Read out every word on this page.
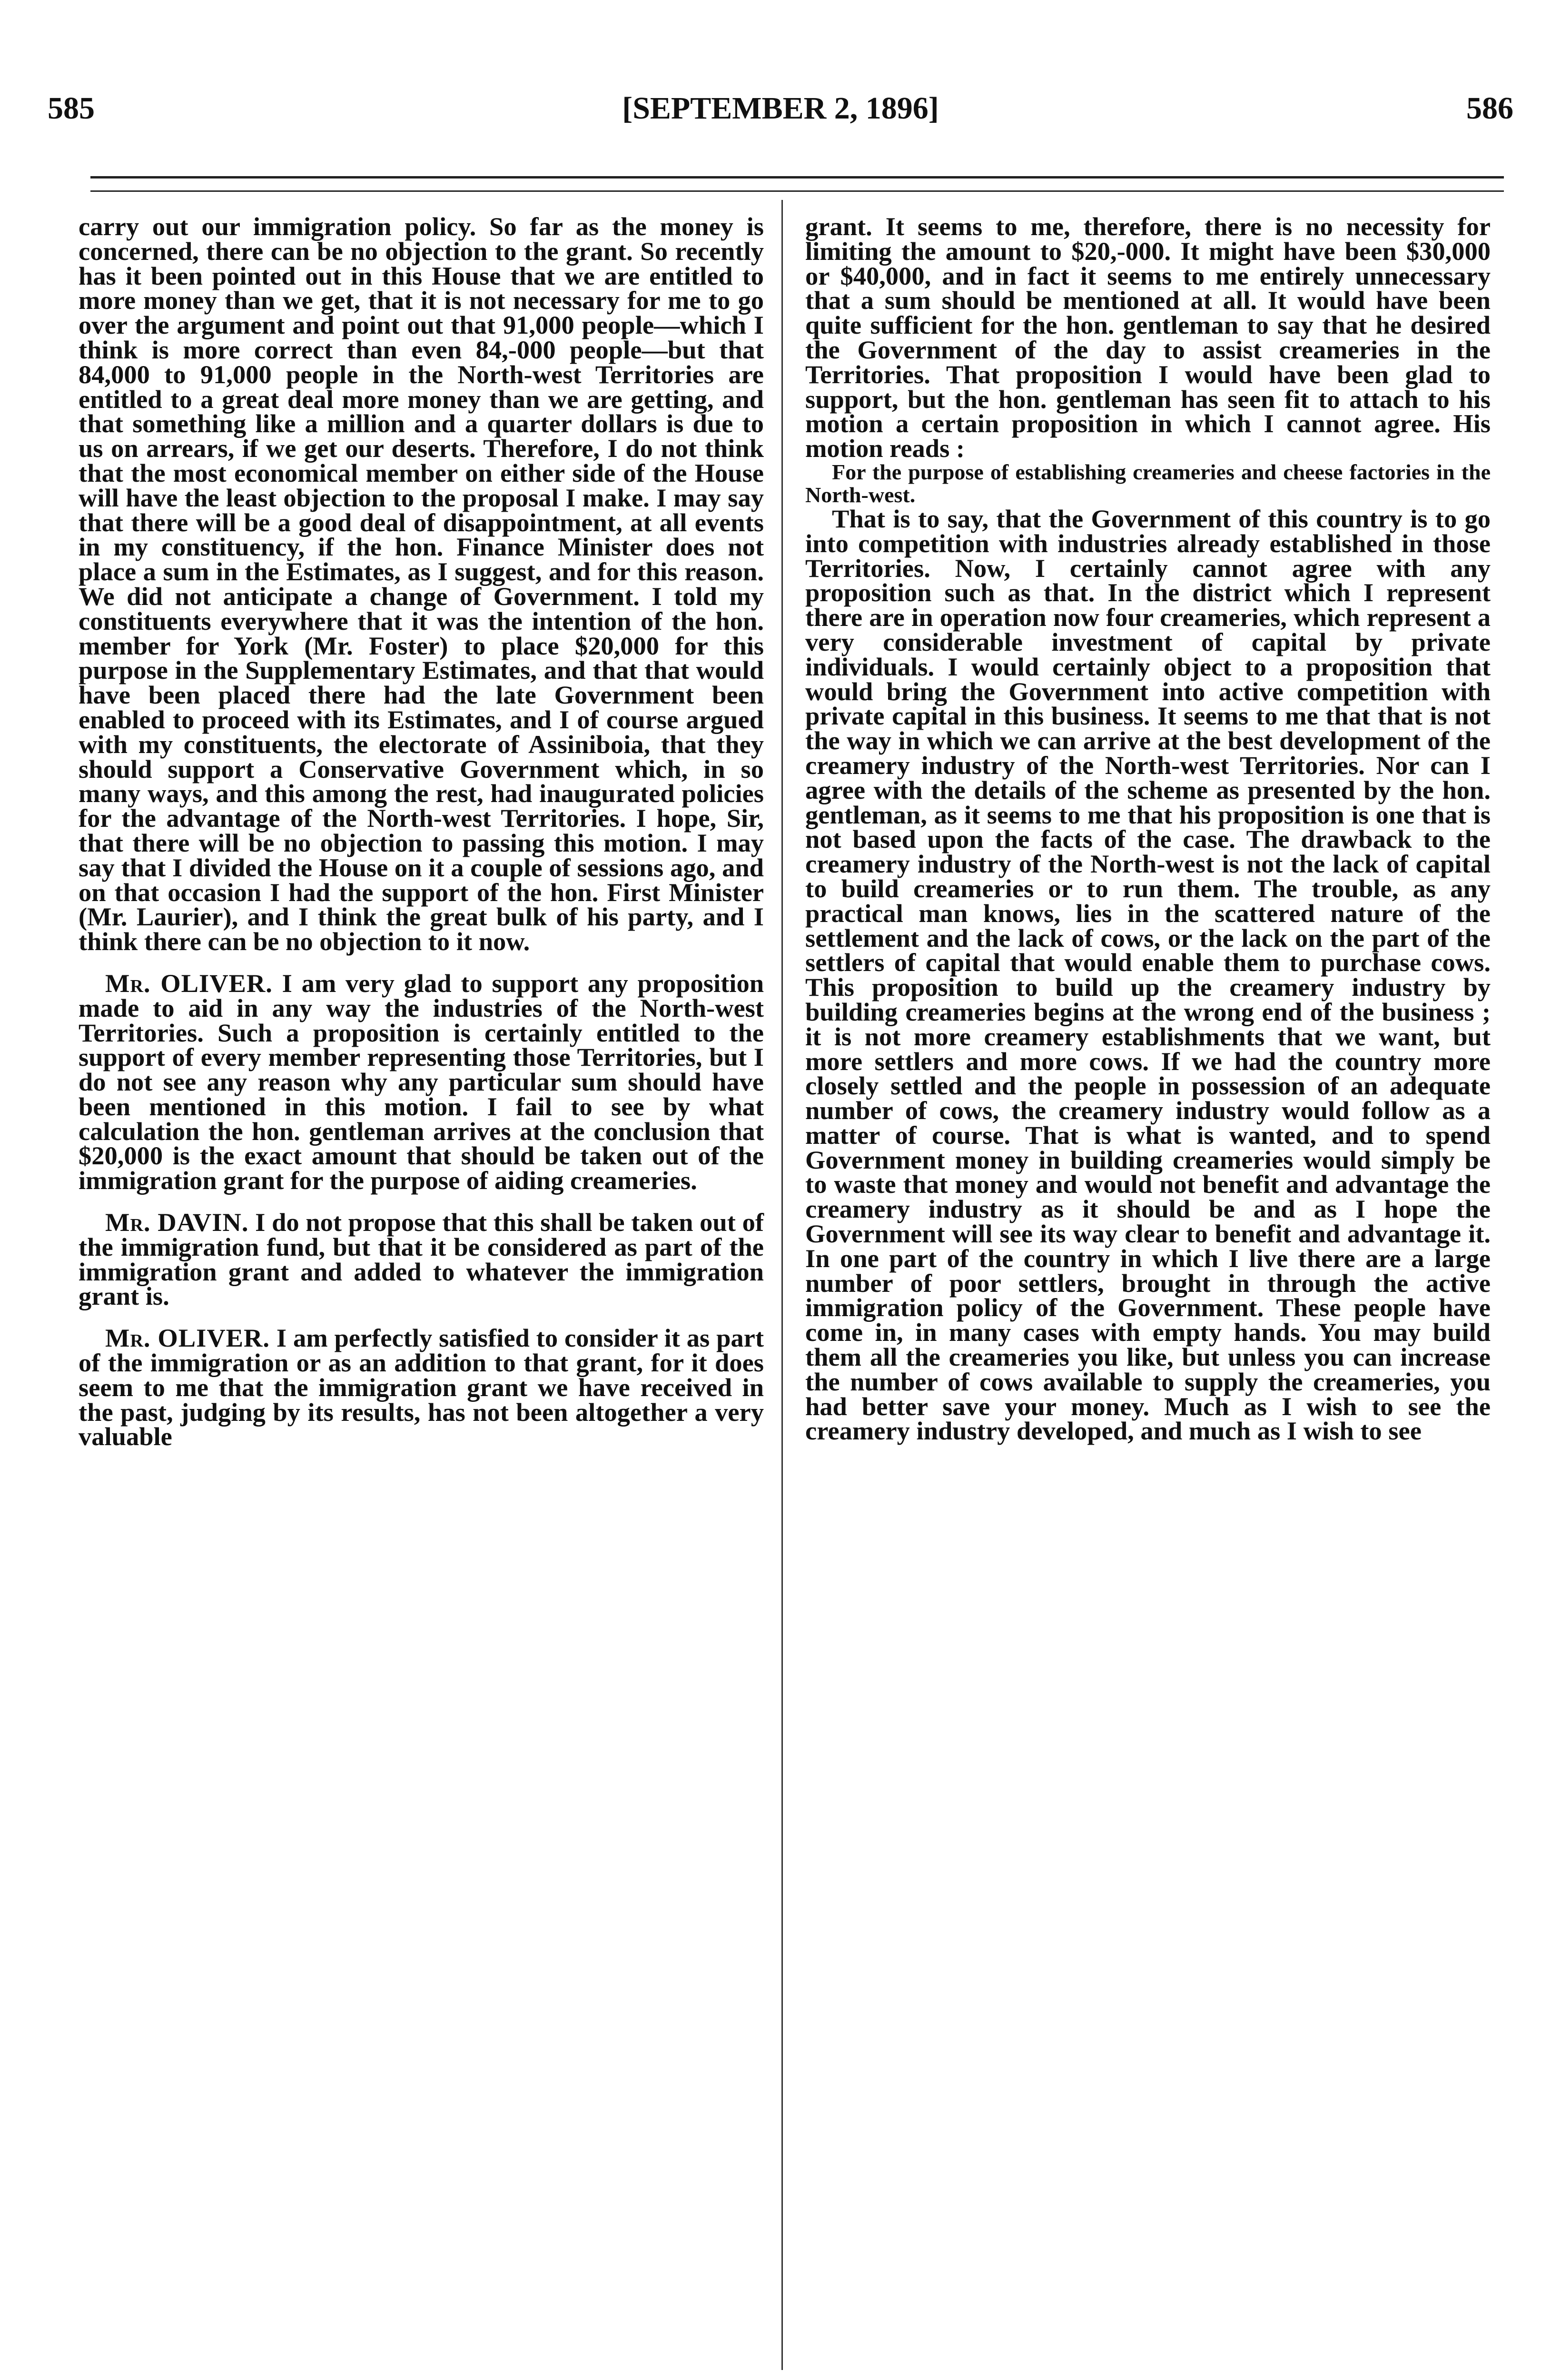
585	[SEPTEMBER 2, 1896]	586

carry out our immigration policy. So far as the money is concerned, there can be no objection to the grant. So recently has it been pointed out in this House that we are entitled to more money than we get, that it is not necessary for me to go over the argument and point out that 91,000 people—which I think is more correct than even 84,-000 people—but that 84,000 to 91,000 people in the North-west Territories are entitled to a great deal more money than we are getting, and that something like a million and a quarter dollars is due to us on arrears, if we get our deserts. Therefore, I do not think that the most economical member on either side of the House will have the least objection to the proposal I make. I may say that there will be a good deal of disappointment, at all events in my constituency, if the hon. Finance Minister does not place a sum in the Estimates, as I suggest, and for this reason. We did not anticipate a change of Government. I told my constituents everywhere that it was the intention of the hon. member for York (Mr. Foster) to place $20,000 for this purpose in the Supplementary Estimates, and that that would have been placed there had the late Government been enabled to proceed with its Estimates, and I of course argued with my constituents, the electorate of Assiniboia, that they should support a Conservative Government which, in so many ways, and this among the rest, had inaugurated policies for the advantage of the North-west Territories. I hope, Sir, that there will be no objection to passing this motion. I may say that I divided the House on it a couple of sessions ago, and on that occasion I had the support of the hon. First Minister (Mr. Laurier), and I think the great bulk of his party, and I think there can be no objection to it now.

Mr. OLIVER. I am very glad to support any proposition made to aid in any way the industries of the North-west Territories. Such a proposition is certainly entitled to the support of every member representing those Territories, but I do not see any reason why any particular sum should have been mentioned in this motion. I fail to see by what calculation the hon. gentleman arrives at the conclusion that $20,000 is the exact amount that should be taken out of the immigration grant for the purpose of aiding creameries.

Mr. DAVIN. I do not propose that this shall be taken out of the immigration fund, but that it be considered as part of the immigration grant and added to whatever the immigration grant is.

Mr. OLIVER. I am perfectly satisfied to consider it as part of the immigration or as an addition to that grant, for it does seem to me that the immigration grant we have received in the past, judging by its results, has not been altogether a very valuable

grant. It seems to me, therefore, there is no necessity for limiting the amount to $20,-000. It might have been $30,000 or $40,000, and in fact it seems to me entirely unnecessary that a sum should be mentioned at all. It would have been quite sufficient for the hon. gentleman to say that he desired the Government of the day to assist creameries in the Territories. That proposition I would have been glad to support, but the hon. gentleman has seen fit to attach to his motion a certain proposition in which I cannot agree. His motion reads :

For the purpose of establishing creameries and cheese factories in the North-west.

That is to say, that the Government of this country is to go into competition with industries already established in those Territories. Now, I certainly cannot agree with any proposition such as that. In the district which I represent there are in operation now four creameries, which represent a very considerable investment of capital by private individuals. I would certainly object to a proposition that would bring the Government into active competition with private capital in this business. It seems to me that that is not the way in which we can arrive at the best development of the creamery industry of the North-west Territories. Nor can I agree with the details of the scheme as presented by the hon. gentleman, as it seems to me that his proposition is one that is not based upon the facts of the case. The drawback to the creamery industry of the North-west is not the lack of capital to build creameries or to run them. The trouble, as any practical man knows, lies in the scattered nature of the settlement and the lack of cows, or the lack on the part of the settlers of capital that would enable them to purchase cows. This proposition to build up the creamery industry by building creameries begins at the wrong end of the business ; it is not more creamery establishments that we want, but more settlers and more cows. If we had the country more closely settled and the people in possession of an adequate number of cows, the creamery industry would follow as a matter of course. That is what is wanted, and to spend Government money in building creameries would simply be to waste that money and would not benefit and advantage the creamery industry as it should be and as I hope the Government will see its way clear to benefit and advantage it. In one part of the country in which I live there are a large number of poor settlers, brought in through the active immigration policy of the Government. These people have come in, in many cases with empty hands. You may build them all the creameries you like, but unless you can increase the number of cows available to supply the creameries, you had better save your money. Much as I wish to see the creamery industry developed, and much as I wish to see
